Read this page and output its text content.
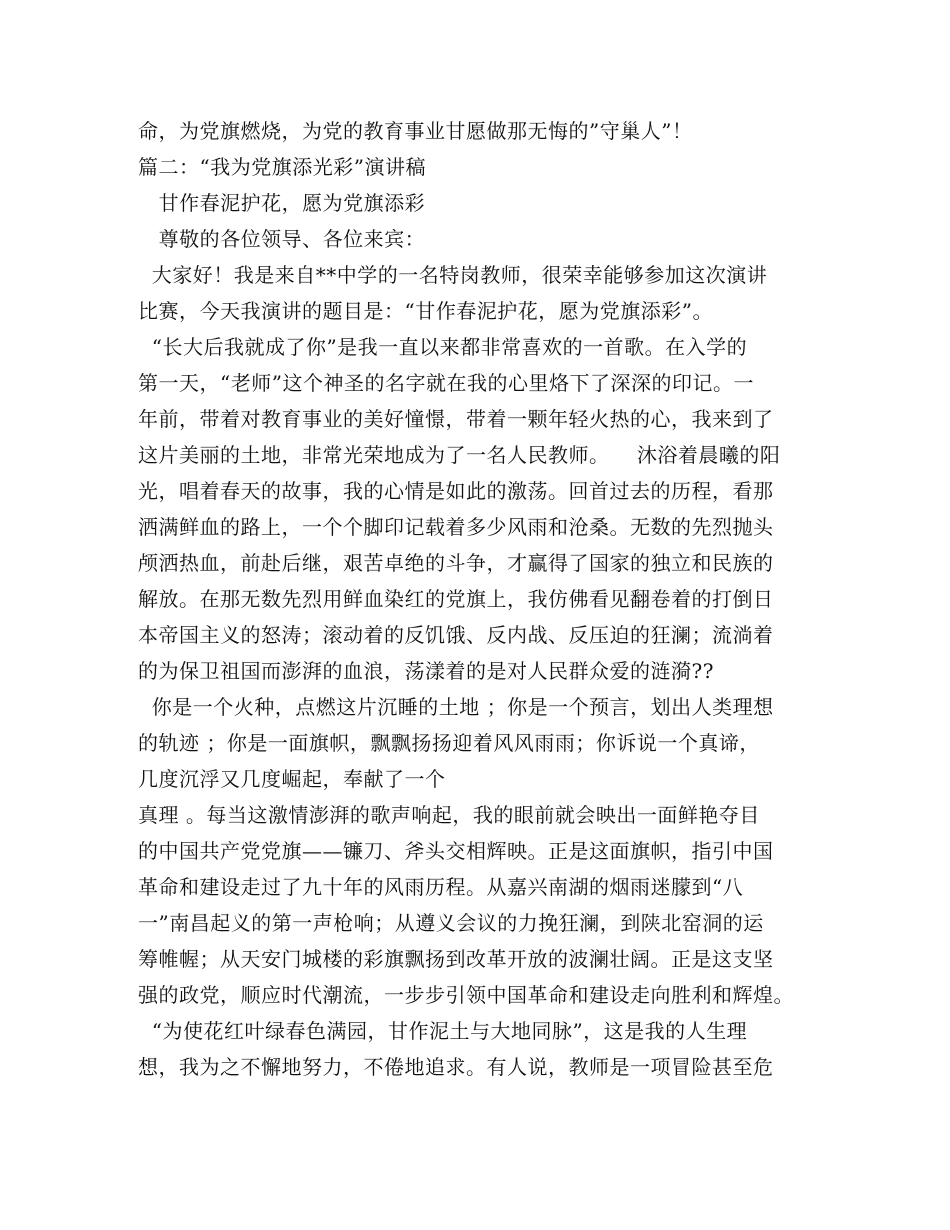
命，为党旗燃烧，为党的教育事业甘愿做那无悔的”守巢人”！
篇二：“我为党旗添光彩”演讲稿
甘作春泥护花，愿为党旗添彩
尊敬的各位领导、各位来宾：
大家好！我是来自**中学的一名特岗教师，很荣幸能够参加这次演讲
比赛，今天我演讲的题目是：“甘作春泥护花，愿为党旗添彩”。
“长大后我就成了你”是我一直以来都非常喜欢的一首歌。在入学的
第一天，“老师”这个神圣的名字就在我的心里烙下了深深的印记。一
年前，带着对教育事业的美好憧憬，带着一颗年轻火热的心，我来到了
这片美丽的土地，非常光荣地成为了一名人民教师。    沐浴着晨曦的阳
光，唱着春天的故事，我的心情是如此的激荡。回首过去的历程，看那
洒满鲜血的路上，一个个脚印记载着多少风雨和沧桑。无数的先烈抛头
颅洒热血，前赴后继，艰苦卓绝的斗争，才赢得了国家的独立和民族的
解放。在那无数先烈用鲜血染红的党旗上，我仿佛看见翻卷着的打倒日
本帝国主义的怒涛；滚动着的反饥饿、反内战、反压迫的狂澜；流淌着
的为保卫祖国而澎湃的血浪，荡漾着的是对人民群众爱的涟漪??
你是一个火种，点燃这片沉睡的土地 ；你是一个预言，划出人类理想
的轨迹 ；你是一面旗帜，飘飘扬扬迎着风风雨雨；你诉说一个真谛，
几度沉浮又几度崛起，奉献了一个
真理 。每当这激情澎湃的歌声响起，我的眼前就会映出一面鲜艳夺目
的中国共产党党旗——镰刀、斧头交相辉映。正是这面旗帜，指引中国
革命和建设走过了九十年的风雨历程。从嘉兴南湖的烟雨迷朦到“八
一”南昌起义的第一声枪响；从遵义会议的力挽狂澜，到陕北窑洞的运
筹帷幄；从天安门城楼的彩旗飘扬到改革开放的波澜壮阔。正是这支坚
强的政党，顺应时代潮流，一步步引领中国革命和建设走向胜利和辉煌。
“为使花红叶绿春色满园，甘作泥土与大地同脉”，这是我的人生理
想，我为之不懈地努力，不倦地追求。有人说，教师是一项冒险甚至危
